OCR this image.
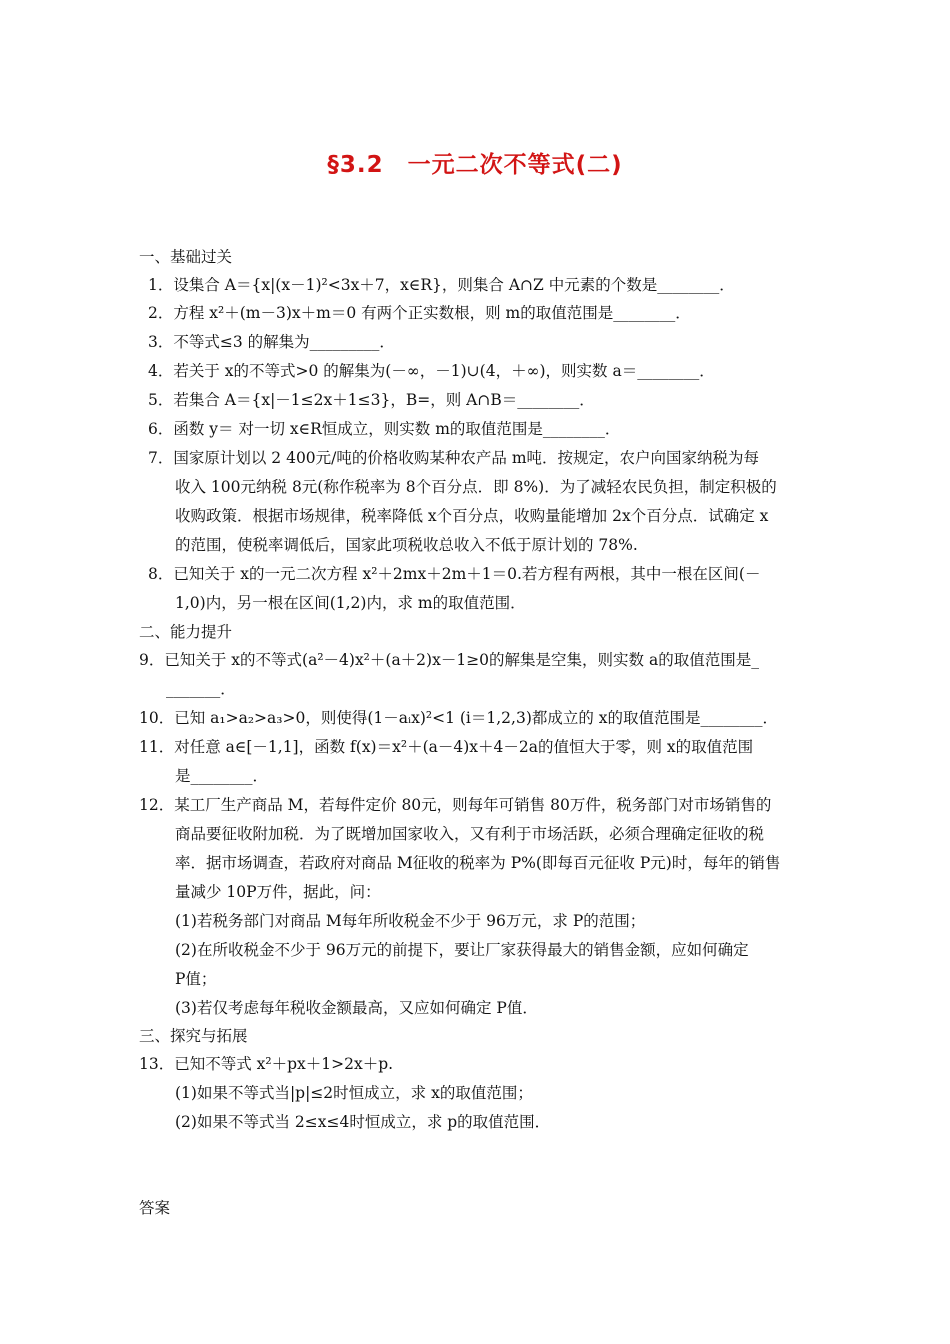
§3.2　一元二次不等式(二)
一、基础过关
1．设集合 A＝{x|(x－1)²<3x＋7，x∈R}，则集合 A∩Z 中元素的个数是________．
2．方程 x²＋(m－3)x＋m＝0 有两个正实数根，则 m的取值范围是________．
3．不等式≤3 的解集为_________．
4．若关于 x的不等式>0 的解集为(－∞，－1)∪(4，＋∞)，则实数 a＝________．
5．若集合 A＝{x|－1≤2x＋1≤3}，B=，则 A∩B＝________．
6．函数 y＝ 对一切 x∈R恒成立，则实数 m的取值范围是________．
7．国家原计划以 2 400元/吨的价格收购某种农产品 m吨．按规定，农户向国家纳税为每
收入 100元纳税 8元(称作税率为 8个百分点．即 8%)．为了减轻农民负担，制定积极的
收购政策．根据市场规律，税率降低 x个百分点，收购量能增加 2x个百分点．试确定 x
的范围，使税率调低后，国家此项税收总收入不低于原计划的 78%.
8．已知关于 x的一元二次方程 x²＋2mx＋2m＋1＝0.若方程有两根，其中一根在区间(－
1,0)内，另一根在区间(1,2)内，求 m的取值范围．
二、能力提升
9．已知关于 x的不等式(a²－4)x²＋(a＋2)x－1≥0的解集是空集，则实数 a的取值范围是_
_______．
10．已知 a₁>a₂>a₃>0，则使得(1－aᵢx)²<1 (i＝1,2,3)都成立的 x的取值范围是________．
11．对任意 a∈[－1,1]，函数 f(x)＝x²＋(a－4)x＋4－2a的值恒大于零，则 x的取值范围
是________．
12．某工厂生产商品 M，若每件定价 80元，则每年可销售 80万件，税务部门对市场销售的
商品要征收附加税．为了既增加国家收入，又有利于市场活跃，必须合理确定征收的税
率．据市场调查，若政府对商品 M征收的税率为 P%(即每百元征收 P元)时，每年的销售
量减少 10P万件，据此，问：
(1)若税务部门对商品 M每年所收税金不少于 96万元，求 P的范围；
(2)在所收税金不少于 96万元的前提下，要让厂家获得最大的销售金额，应如何确定
P值；
(3)若仅考虑每年税收金额最高，又应如何确定 P值．
三、探究与拓展
13．已知不等式 x²＋px＋1>2x＋p.
(1)如果不等式当|p|≤2时恒成立，求 x的取值范围；
(2)如果不等式当 2≤x≤4时恒成立，求 p的取值范围．
答案
